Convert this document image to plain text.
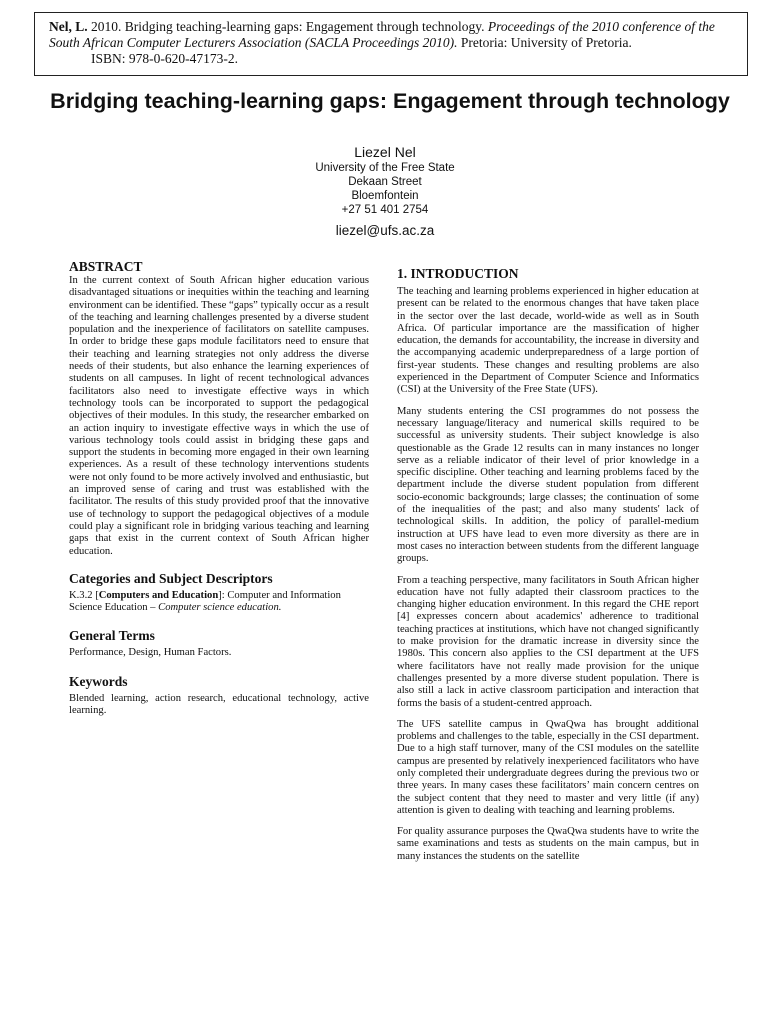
Nel, L. 2010. Bridging teaching-learning gaps: Engagement through technology. Proceedings of the 2010 conference of the South African Computer Lecturers Association (SACLA Proceedings 2010). Pretoria: University of Pretoria.
ISBN: 978-0-620-47173-2.
Bridging teaching-learning gaps: Engagement through technology
Liezel Nel
University of the Free State
Dekaan Street
Bloemfontein
+27 51 401 2754
liezel@ufs.ac.za
ABSTRACT

In the current context of South African higher education various disadvantaged situations or inequities within the teaching and learning environment can be identified. These “gaps” typically occur as a result of the teaching and learning challenges presented by a diverse student population and the inexperience of facilitators on satellite campuses. In order to bridge these gaps module facilitators need to ensure that their teaching and learning strategies not only address the diverse needs of their students, but also enhance the learning experiences of students on all campuses. In light of recent technological advances facilitators also need to investigate effective ways in which technology tools can be incorporated to support the pedagogical objectives of their modules. In this study, the researcher embarked on an action inquiry to investigate effective ways in which the use of various technology tools could assist in bridging these gaps and support the students in becoming more engaged in their own learning experiences. As a result of these technology interventions students were not only found to be more actively involved and enthusiastic, but an improved sense of caring and trust was established with the facilitator. The results of this study provided proof that the innovative use of technology to support the pedagogical objectives of a module could play a significant role in bridging various teaching and learning gaps that exist in the current context of South African higher education.

Categories and Subject Descriptors

K.3.2 [Computers and Education]: Computer and Information Science Education – Computer science education.

General Terms

Performance, Design, Human Factors.

Keywords

Blended learning, action research, educational technology, active learning.

1. INTRODUCTION

The teaching and learning problems experienced in higher education at present can be related to the enormous changes that have taken place in the sector over the last decade, world-wide as well as in South Africa. Of particular importance are the massification of higher education, the demands for accountability, the increase in diversity and the accompanying academic underpreparedness of a large portion of first-year students. These changes and resulting problems are also experienced in the Department of Computer Science and Informatics (CSI) at the University of the Free State (UFS).

Many students entering the CSI programmes do not possess the necessary language/literacy and numerical skills required to be successful as university students. Their subject knowledge is also questionable as the Grade 12 results can in many instances no longer serve as a reliable indicator of their level of prior knowledge in a specific discipline. Other teaching and learning problems faced by the department include the diverse student population from different socio-economic backgrounds; large classes; the continuation of some of the inequalities of the past; and also many students' lack of technological skills. In addition, the policy of parallel-medium instruction at UFS have lead to even more diversity as there are in most cases no interaction between students from the different language groups.

From a teaching perspective, many facilitators in South African higher education have not fully adapted their classroom practices to the changing higher education environment. In this regard the CHE report [4] expresses concern about academics' adherence to traditional teaching practices at institutions, which have not changed significantly to make provision for the dramatic increase in diversity since the 1980s. This concern also applies to the CSI department at the UFS where facilitators have not really made provision for the unique challenges presented by a more diverse student population. There is also still a lack in active classroom participation and interaction that forms the basis of a student-centred approach.

The UFS satellite campus in QwaQwa has brought additional problems and challenges to the table, especially in the CSI department. Due to a high staff turnover, many of the CSI modules on the satellite campus are presented by relatively inexperienced facilitators who have only completed their undergraduate degrees during the previous two or three years. In many cases these facilitators’ main concern centres on the subject content that they need to master and very little (if any) attention is given to dealing with teaching and learning problems.

For quality assurance purposes the QwaQwa students have to write the same examinations and tests as students on the main campus, but in many instances the students on the satellite
